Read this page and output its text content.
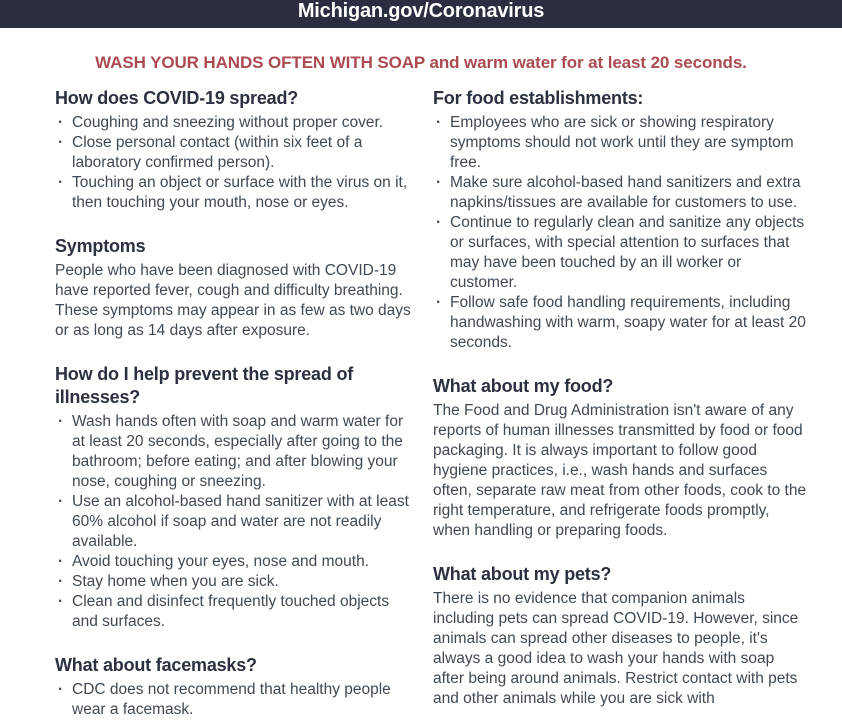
Michigan.gov/Coronavirus
WASH YOUR HANDS OFTEN WITH SOAP and warm water for at least 20 seconds.
How does COVID-19 spread?
· Coughing and sneezing without proper cover.
· Close personal contact (within six feet of a laboratory confirmed person).
· Touching an object or surface with the virus on it, then touching your mouth, nose or eyes.
Symptoms

People who have been diagnosed with COVID-19 have reported fever, cough and difficulty breathing. These symptoms may appear in as few as two days or as long as 14 days after exposure.

How do I help prevent the spread of illnesses?
· Wash hands often with soap and warm water for at least 20 seconds, especially after going to the bathroom; before eating; and after blowing your nose, coughing or sneezing.
· Use an alcohol-based hand sanitizer with at least 60% alcohol if soap and water are not readily available.
· Avoid touching your eyes, nose and mouth.
· Stay home when you are sick.
· Clean and disinfect frequently touched objects and surfaces.
What about facemasks?
· CDC does not recommend that healthy people wear a facemask.
For food establishments:
· Employees who are sick or showing respiratory symptoms should not work until they are symptom free.
· Make sure alcohol-based hand sanitizers and extra napkins/tissues are available for customers to use.
· Continue to regularly clean and sanitize any objects or surfaces, with special attention to surfaces that may have been touched by an ill worker or customer.
· Follow safe food handling requirements, including handwashing with warm, soapy water for at least 20 seconds.
What about my food?

The Food and Drug Administration isn't aware of any reports of human illnesses transmitted by food or food packaging. It is always important to follow good hygiene practices, i.e., wash hands and surfaces often, separate raw meat from other foods, cook to the right temperature, and refrigerate foods promptly, when handling or preparing foods.

What about my pets?

There is no evidence that companion animals including pets can spread COVID-19. However, since animals can spread other diseases to people, it's always a good idea to wash your hands with soap after being around animals. Restrict contact with pets and other animals while you are sick with
